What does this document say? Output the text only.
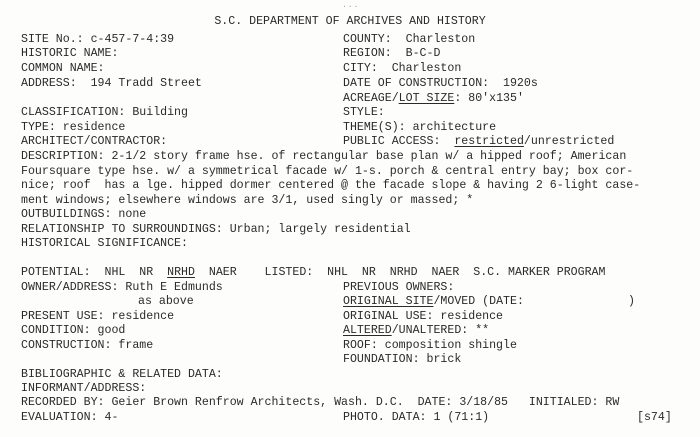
...
S.C. DEPARTMENT OF ARCHIVES AND HISTORY
SITE No.: c-457-7-4:39	COUNTY:  Charleston
HISTORIC NAME:	REGION:  B-C-D
COMMON NAME:	CITY:  Charleston
ADDRESS:  194 Tradd Street	DATE OF CONSTRUCTION:  1920s
ACREAGE/LOT SIZE: 80'x135'
CLASSIFICATION: Building	STYLE:
TYPE: residence	THEME(S): architecture
ARCHITECT/CONTRACTOR:	PUBLIC ACCESS:  restricted/unrestricted
DESCRIPTION: 2-1/2 story frame hse. of rectangular base plan w/ a hipped roof; American
Foursquare type hse. w/ a symmetrical facade w/ 1-s. porch & central entry bay; box cor-
nice; roof  has a lge. hipped dormer centered @ the facade slope & having 2 6-light case-
ment windows; elsewhere windows are 3/1, used singly or massed; *
OUTBUILDINGS: none
RELATIONSHIP TO SURROUNDINGS: Urban; largely residential
HISTORICAL SIGNIFICANCE:
POTENTIAL:  NHL  NR  NRHD  NAER    LISTED:  NHL  NR  NRHD  NAER  S.C. MARKER PROGRAM
OWNER/ADDRESS: Ruth E Edmunds	PREVIOUS OWNERS:
as above	ORIGINAL SITE/MOVED (DATE:	)
PRESENT USE: residence	ORIGINAL USE: residence
CONDITION: good	ALTERED/UNALTERED: **
CONSTRUCTION: frame	ROOF: composition shingle
FOUNDATION: brick
BIBLIOGRAPHIC & RELATED DATA:
INFORMANT/ADDRESS:
RECORDED BY: Geier Brown Renfrow Architects, Wash. D.C.  DATE: 3/18/85   INITIALED: RW
EVALUATION: 4-	PHOTO. DATA: 1 (71:1)	[s74]
